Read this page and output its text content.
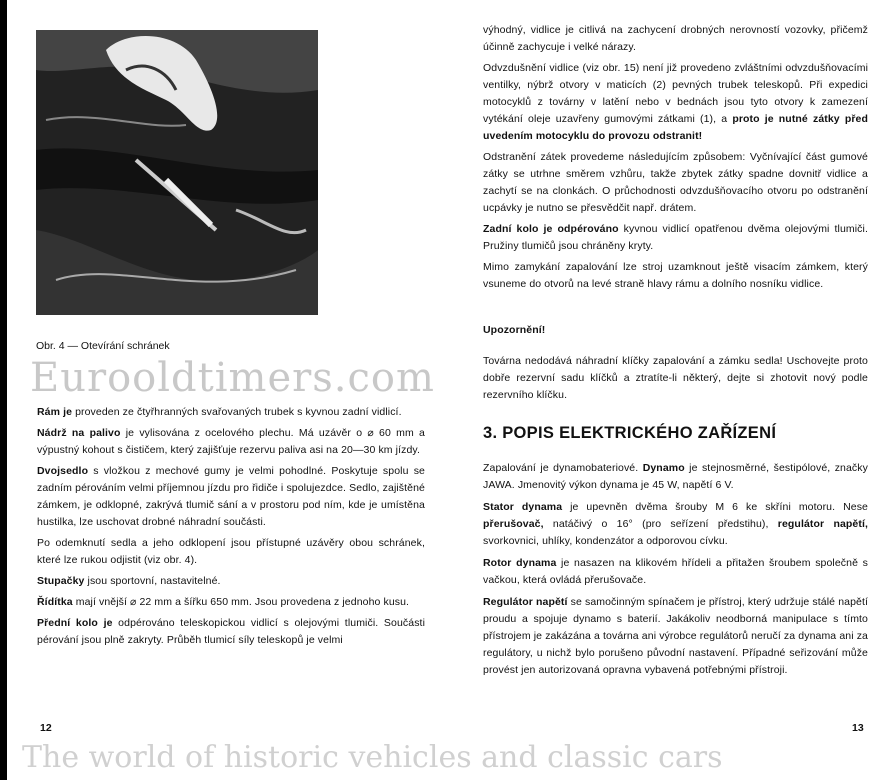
Obr. 4 — Otevírání schránek
Eurooldtimers.com

Rám je proveden ze čtyřhranných svařovaných trubek s kyvnou zadní vidlicí.

Nádrž na palivo je vylisována z ocelového plechu. Má uzávěr o ⌀ 60 mm a výpustný kohout s čističem, který zajišťuje rezervu paliva asi na 20—30 km jízdy.

Dvojsedlo s vložkou z mechové gumy je velmi pohodlné. Poskytuje spolu se zadním pérováním velmi příjemnou jízdu pro řidiče i spolujezdce. Sedlo, zajištěné zámkem, je odklopné, zakrývá tlumič sání a v prostoru pod ním, kde je umístěna hustilka, lze uschovat drobné náhradní součásti.

Po odemknutí sedla a jeho odklopení jsou přístupné uzávěry obou schránek, které lze rukou odjistit (viz obr. 4).

Stupačky jsou sportovní, nastavitelné.

Řídítka mají vnější ⌀ 22 mm a šířku 650 mm. Jsou provedena z jednoho kusu.

Přední kolo je odpérováno teleskopickou vidlicí s olejovými tlumiči. Součásti pérování jsou plně zakryty. Průběh tlumicí síly teleskopů je velmi

12

výhodný, vidlice je citlivá na zachycení drobných nerovností vozovky, přičemž účinně zachycuje i velké nárazy.

Odvzdušnění vidlice (viz obr. 15) není již provedeno zvláštními odvzdušňovacími ventilky, nýbrž otvory v maticích (2) pevných trubek teleskopů. Při expedici motocyklů z továrny v latění nebo v bednách jsou tyto otvory k zamezení vytékání oleje uzavřeny gumovými zátkami (1), a proto je nutné zátky před uvedením motocyklu do provozu odstranit!

Odstranění zátek provedeme následujícím způsobem: Vyčnívající část gumové zátky se utrhne směrem vzhůru, takže zbytek zátky spadne dovnitř vidlice a zachytí se na clonkách. O průchodnosti odvzdušňovacího otvoru po odstranění ucpávky je nutno se přesvědčit např. drátem.

Zadní kolo je odpérováno kyvnou vidlicí opatřenou dvěma olejovými tlumiči. Pružiny tlumičů jsou chráněny kryty.

Mimo zamykání zapalování lze stroj uzamknout ještě visacím zámkem, který vsuneme do otvorů na levé straně hlavy rámu a dolního nosníku vidlice.

Upozornění!

Továrna nedodává náhradní klíčky zapalování a zámku sedla! Uschovejte proto dobře rezervní sadu klíčků a ztratíte-li některý, dejte si zhotovit nový podle rezervního klíčku.

3. POPIS ELEKTRICKÉHO ZAŘÍZENÍ

Zapalování je dynamobateriové. Dynamo je stejnosměrné, šestipólové, značky JAWA. Jmenovitý výkon dynama je 45 W, napětí 6 V.

Stator dynama je upevněn dvěma šrouby M 6 ke skříni motoru. Nese přerušovač, natáčivý o 16° (pro seřízení předstihu), regulátor napětí, svorkovnici, uhlíky, kondenzátor a odporovou cívku.

Rotor dynama je nasazen na klikovém hřídeli a přitažen šroubem společně s vačkou, která ovládá přerušovače.

Regulátor napětí se samočinným spínačem je přístroj, který udržuje stálé napětí proudu a spojuje dynamo s baterií. Jakákoliv neodborná manipulace s tímto přístrojem je zakázána a továrna ani výrobce regulátorů neručí za dynama ani za regulátory, u nichž bylo porušeno původní nastavení. Případné seřizování může provést jen autorizovaná opravna vybavená potřebnými přístroji.

13
The world of historic vehicles and classic cars
